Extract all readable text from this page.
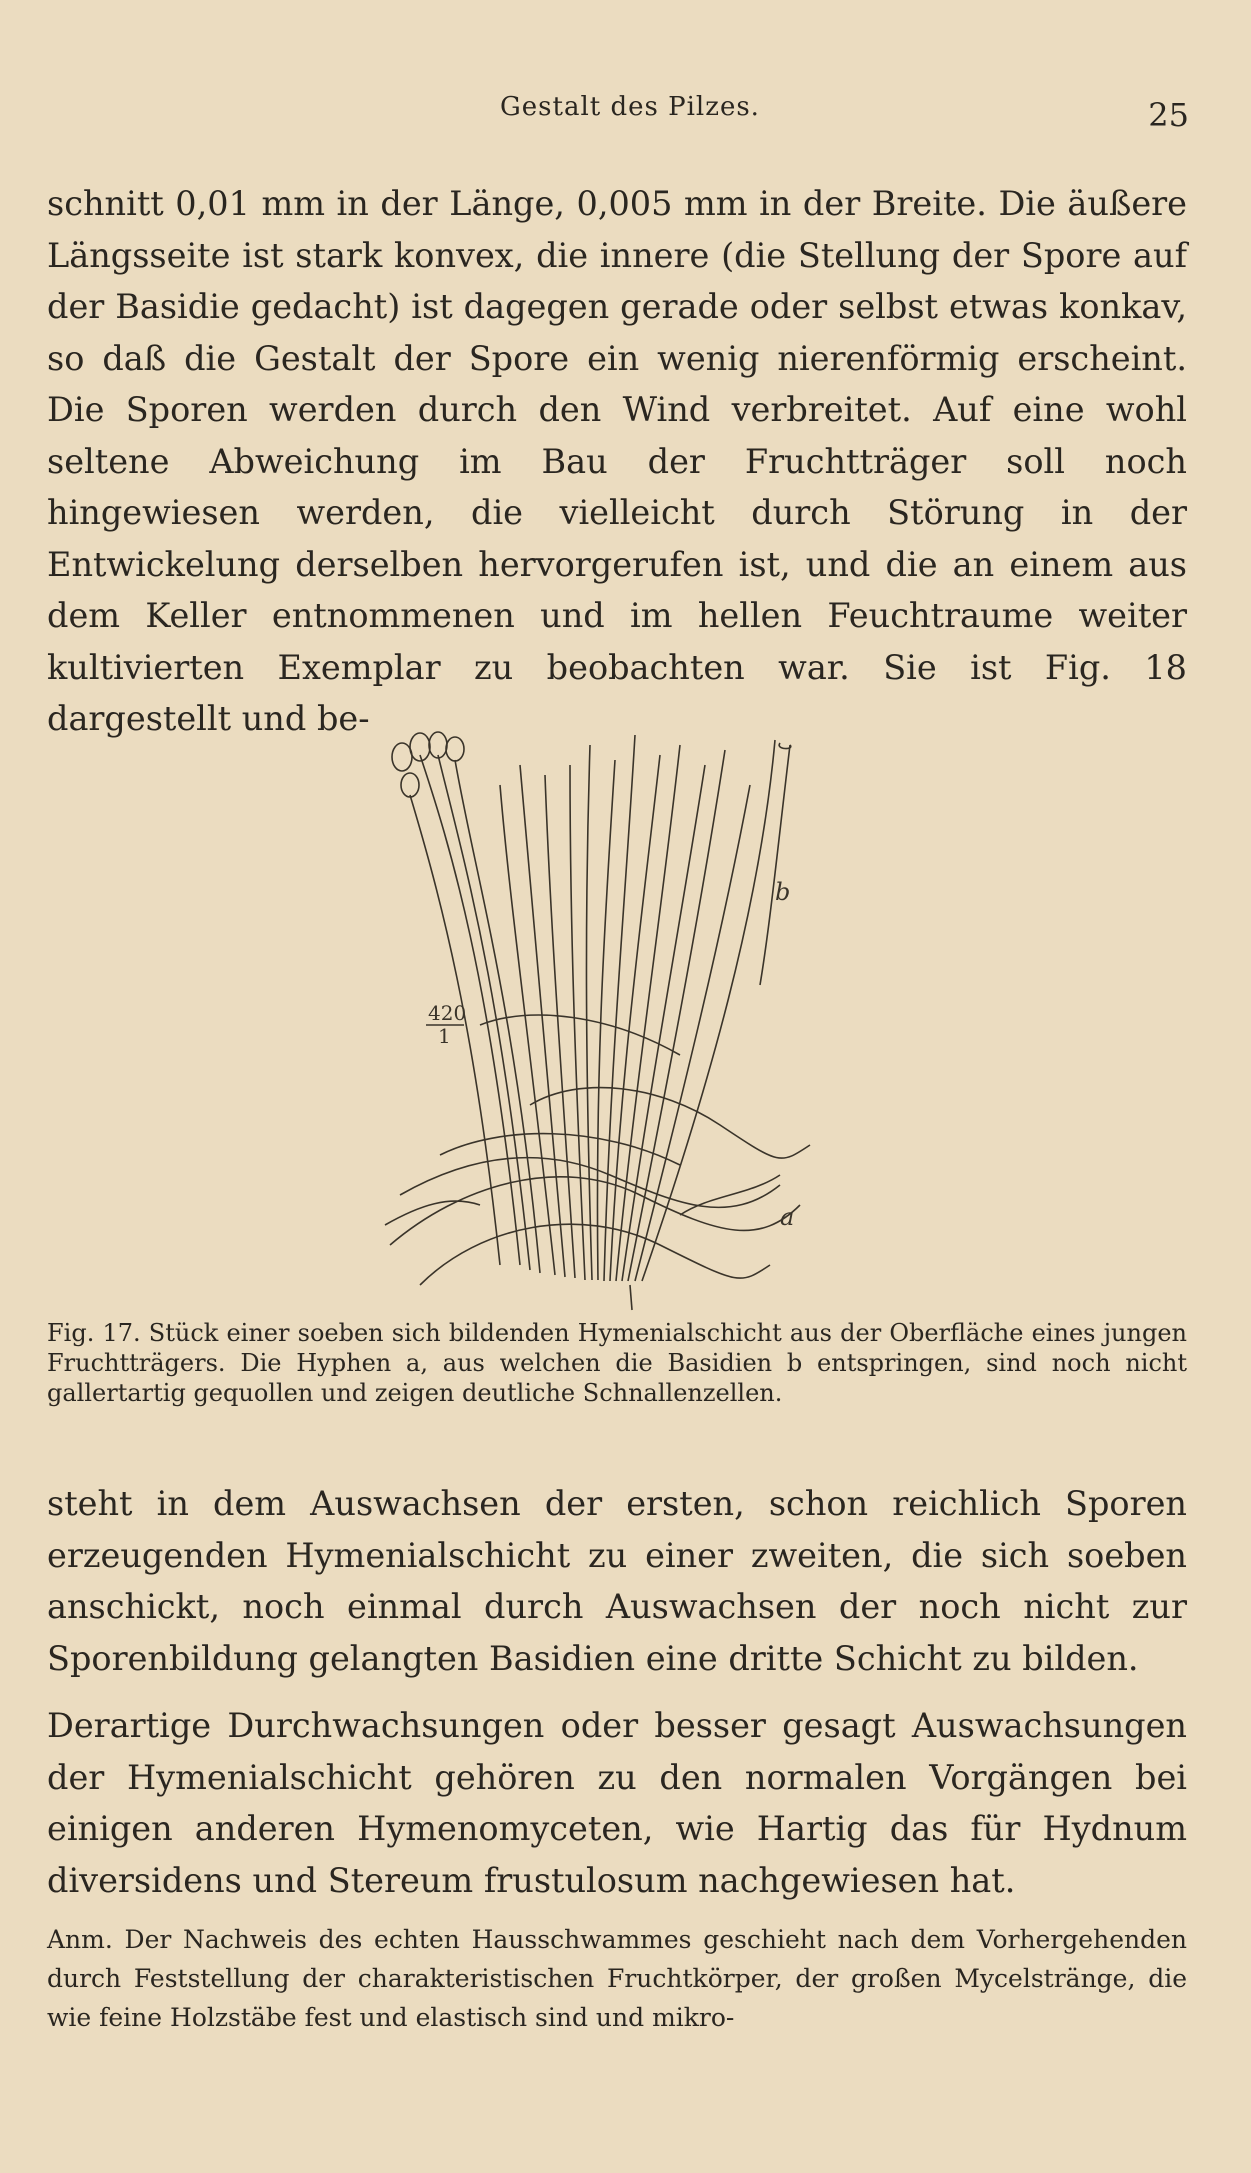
Gestalt des Pilzes.	25

schnitt 0,01 mm in der Länge, 0,005 mm in der Breite. Die äußere Längsseite ist stark konvex, die innere (die Stellung der Spore auf der Basidie gedacht) ist dagegen gerade oder selbst etwas konkav, so daß die Gestalt der Spore ein wenig nierenförmig erscheint. Die Sporen werden durch den Wind verbreitet. Auf eine wohl seltene Abweichung im Bau der Fruchtträger soll noch hingewiesen werden, die vielleicht durch Störung in der Entwickelung derselben hervorgerufen ist, und die an einem aus dem Keller entnommenen und im hellen Feuchtraume weiter kultivierten Exemplar zu beobachten war. Sie ist Fig. 18 dargestellt und be-

420
1
b
a

Fig. 17. Stück einer soeben sich bildenden Hymenialschicht aus der Oberfläche eines jungen Fruchtträgers. Die Hyphen a, aus welchen die Basidien b entspringen, sind noch nicht gallertartig gequollen und zeigen deutliche Schnallenzellen.

steht in dem Auswachsen der ersten, schon reichlich Sporen erzeugenden Hymenialschicht zu einer zweiten, die sich soeben anschickt, noch einmal durch Auswachsen der noch nicht zur Sporenbildung gelangten Basidien eine dritte Schicht zu bilden.

Derartige Durchwachsungen oder besser gesagt Auswachsungen der Hymenialschicht gehören zu den normalen Vorgängen bei einigen anderen Hymenomyceten, wie Hartig das für Hydnum diversidens und Stereum frustulosum nachgewiesen hat.

Anm. Der Nachweis des echten Hausschwammes geschieht nach dem Vorhergehenden durch Feststellung der charakteristischen Fruchtkörper, der großen Mycelstränge, die wie feine Holzstäbe fest und elastisch sind und mikro-
